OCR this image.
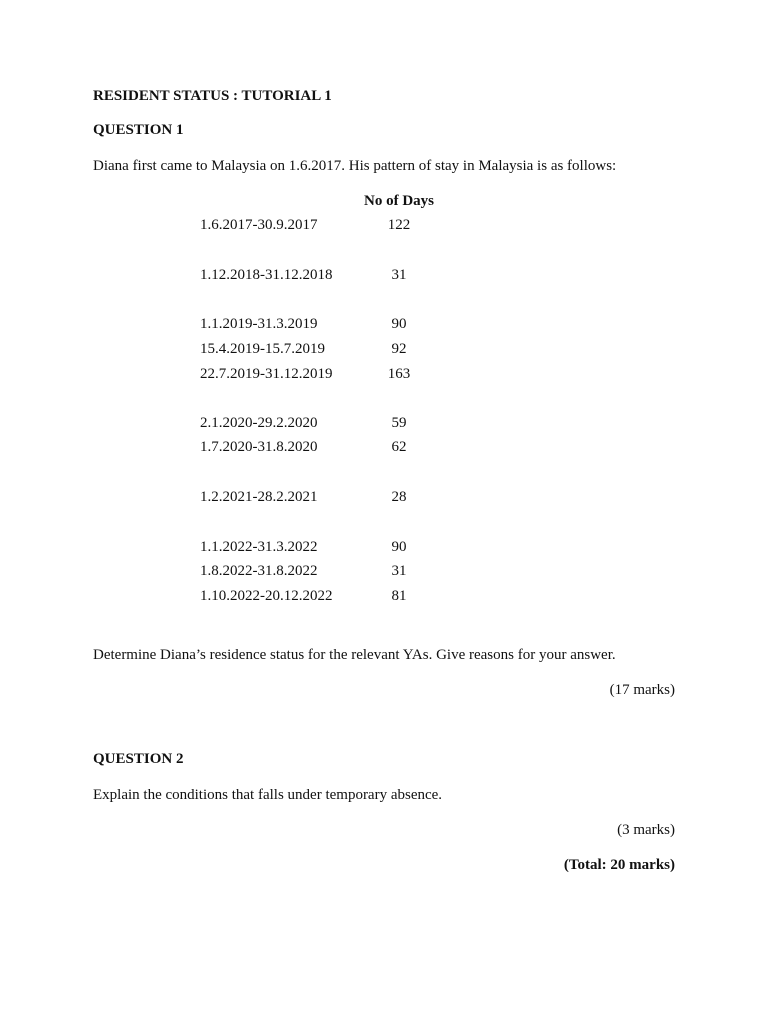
RESIDENT STATUS : TUTORIAL 1
QUESTION 1
Diana first came to Malaysia on 1.6.2017. His pattern of stay in Malaysia is as follows:
No of Days
1.6.2017-30.9.2017	122
1.12.2018-31.12.2018	31
1.1.2019-31.3.2019	90
15.4.2019-15.7.2019	92
22.7.2019-31.12.2019	163
2.1.2020-29.2.2020	59
1.7.2020-31.8.2020	62
1.2.2021-28.2.2021	28
1.1.2022-31.3.2022	90
1.8.2022-31.8.2022	31
1.10.2022-20.12.2022	81
Determine Diana’s residence status for the relevant YAs. Give reasons for your answer.
(17 marks)
QUESTION 2
Explain the conditions that falls under temporary absence.
(3 marks)
(Total: 20 marks)
